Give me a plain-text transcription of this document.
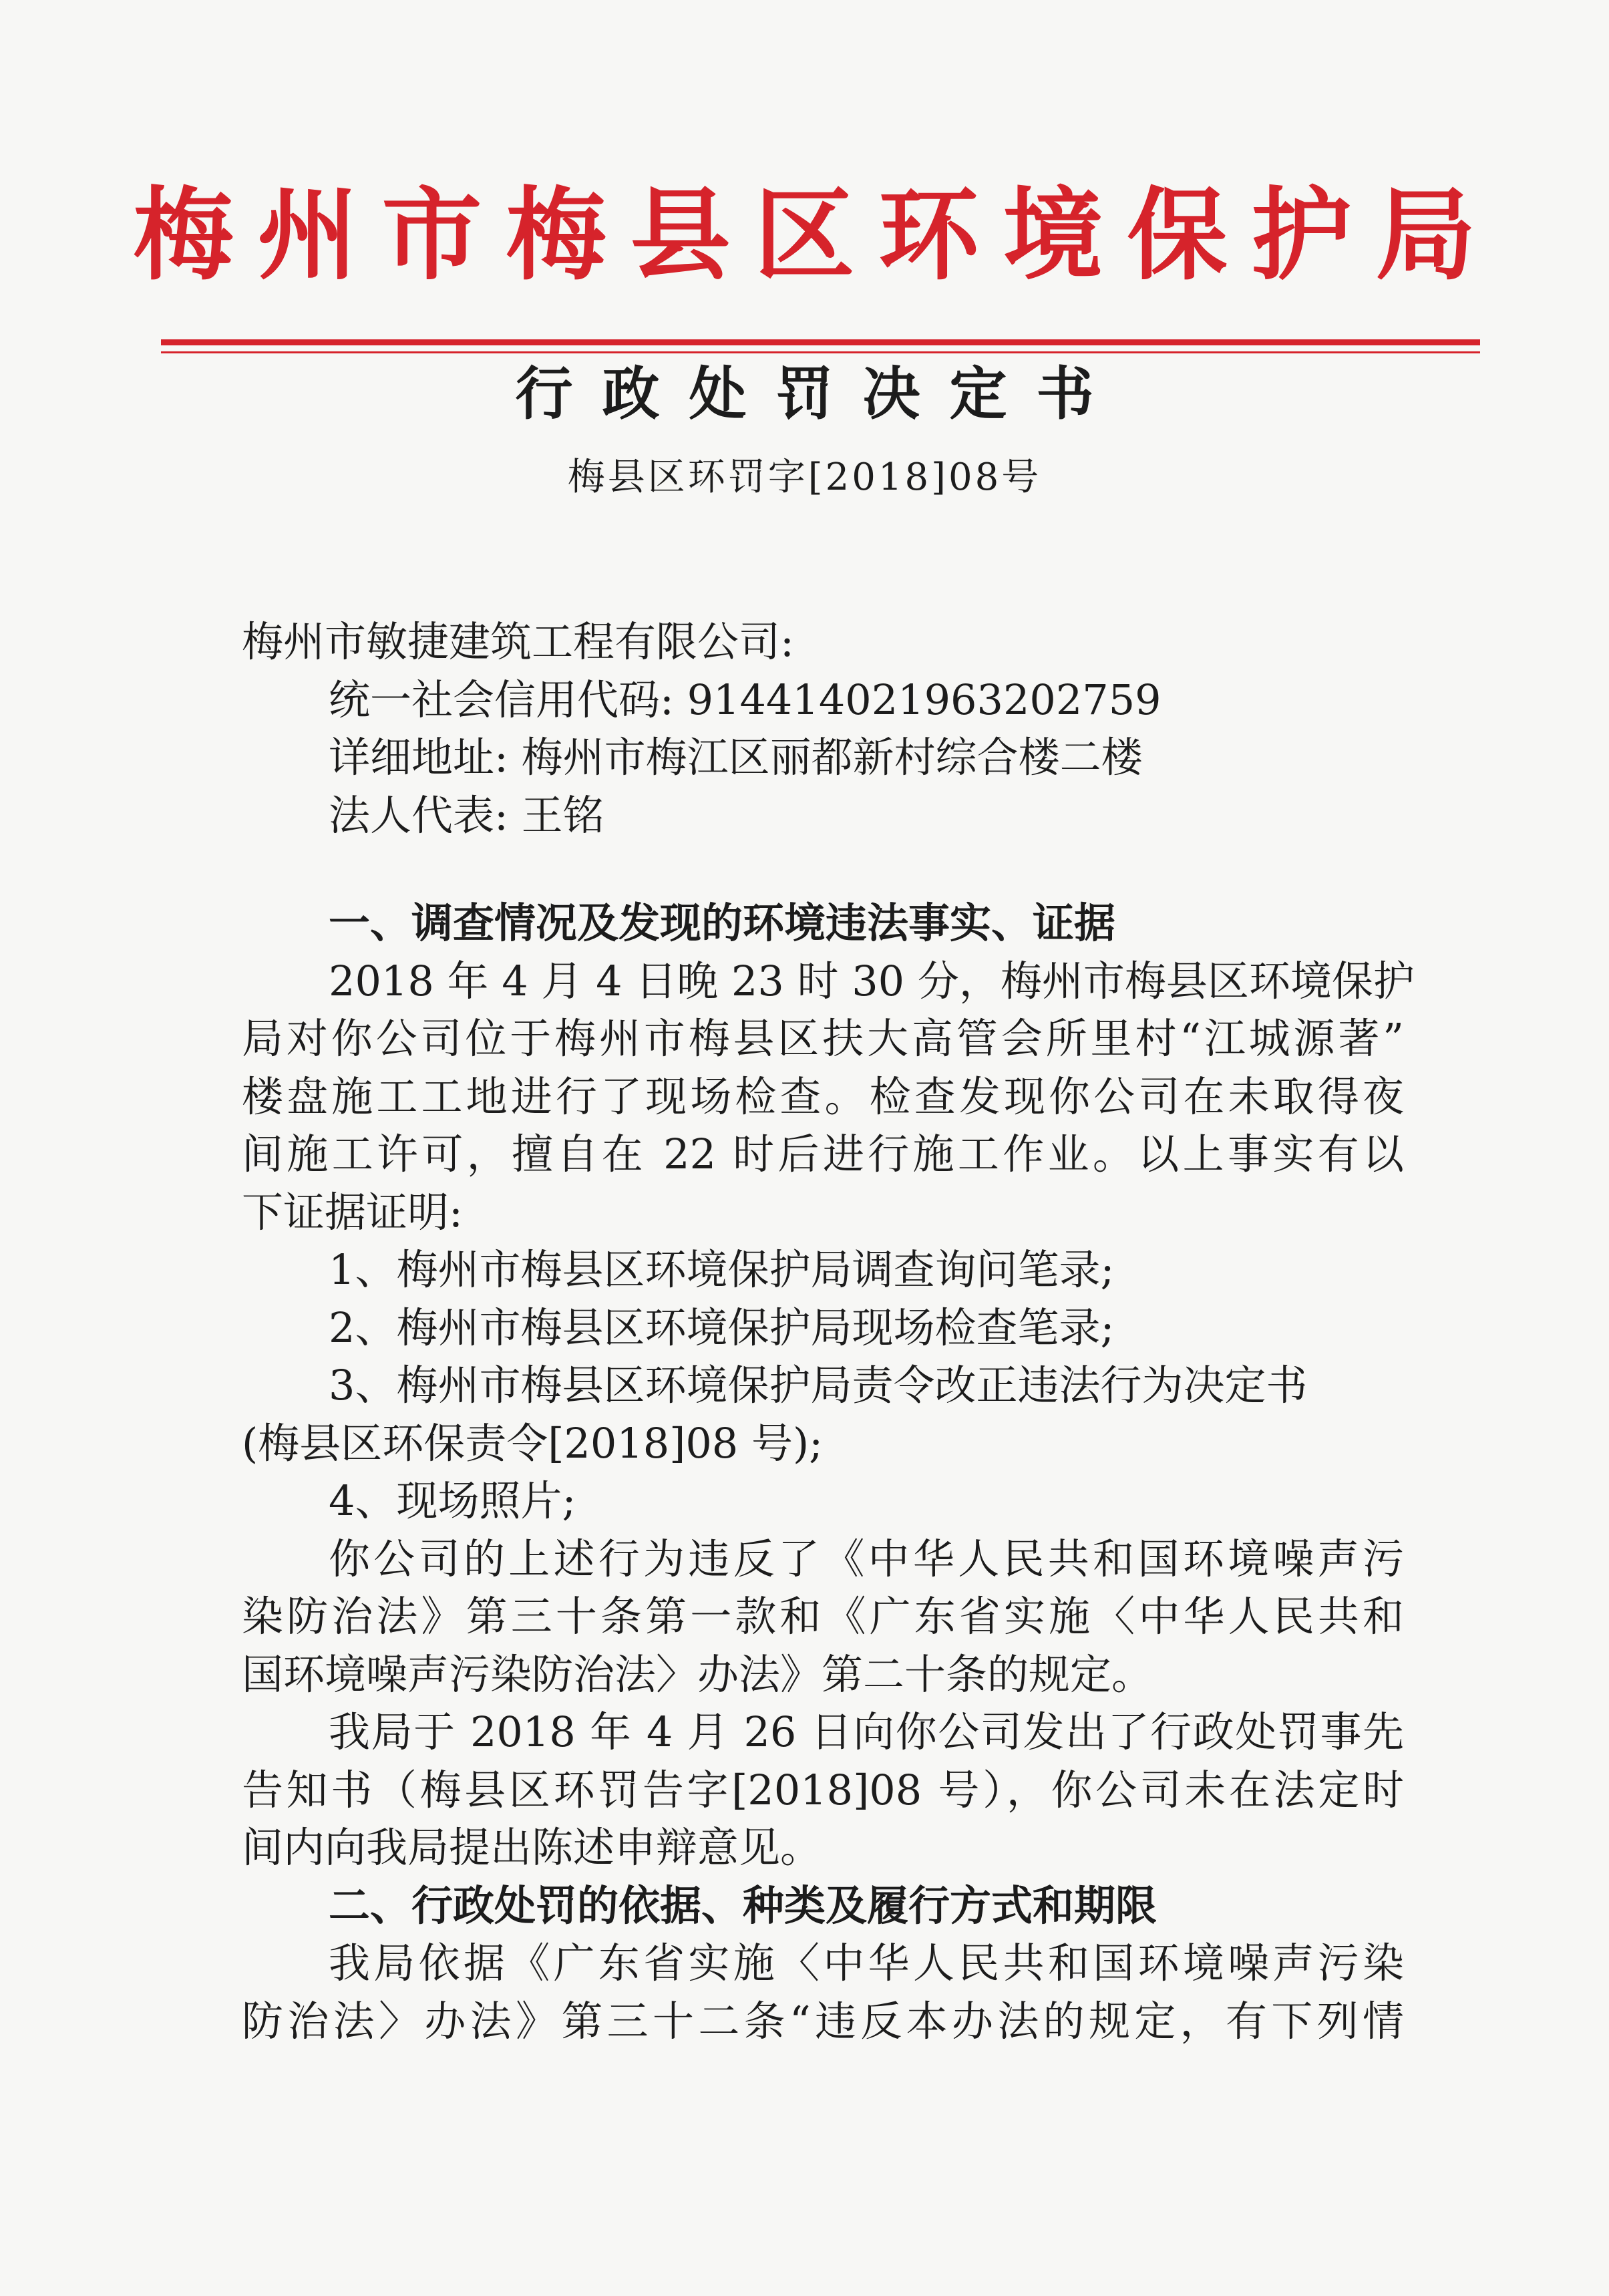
梅州市梅县区环境保护局
行政处罚决定书
梅县区环罚字[2018]08号
梅州市敏捷建筑工程有限公司:
统一社会信用代码: 91441402196320275​9
详细地址: 梅州市梅江区丽都新村综合楼二楼
法人代表: 王铭
一、调查情况及发现的环境违法事实、证据
2018 年 4 月 4 日晚 23 时 30 分，梅州市梅县区环境保护
局对你公司位于梅州市梅县区扶大高管会所里村“江城源著”
楼盘施工工地进行了现场检查。检查发现你公司在未取得夜
间施工许可，擅自在 22 时后进行施工作业。以上事实有以
下证据证明:
1、梅州市梅县区环境保护局调查询问笔录;
2、梅州市梅县区环境保护局现场检查笔录;
3、梅州市梅县区环境保护局责令改正违法行为决定书
(梅县区环保责令[2018]08 号);
4、现场照片;
你公司的上述行为违反了《中华人民共和国环境噪声污
染防治法》第三十条第一款和《广东省实施〈中华人民共和
国环境噪声污染防治法〉办法》第二十条的规定。
我局于 2018 年 4 月 26 日向你公司发出了行政处罚事先
告知书（梅县区环罚告字[2018]08 号），你公司未在法定时
间内向我局提出陈述申辩意见。
二、行政处罚的依据、种类及履行方式和期限
我局依据《广东省实施〈中华人民共和国环境噪声污染
防治法〉办法》第三十二条“违反本办法的规定，有下列情
